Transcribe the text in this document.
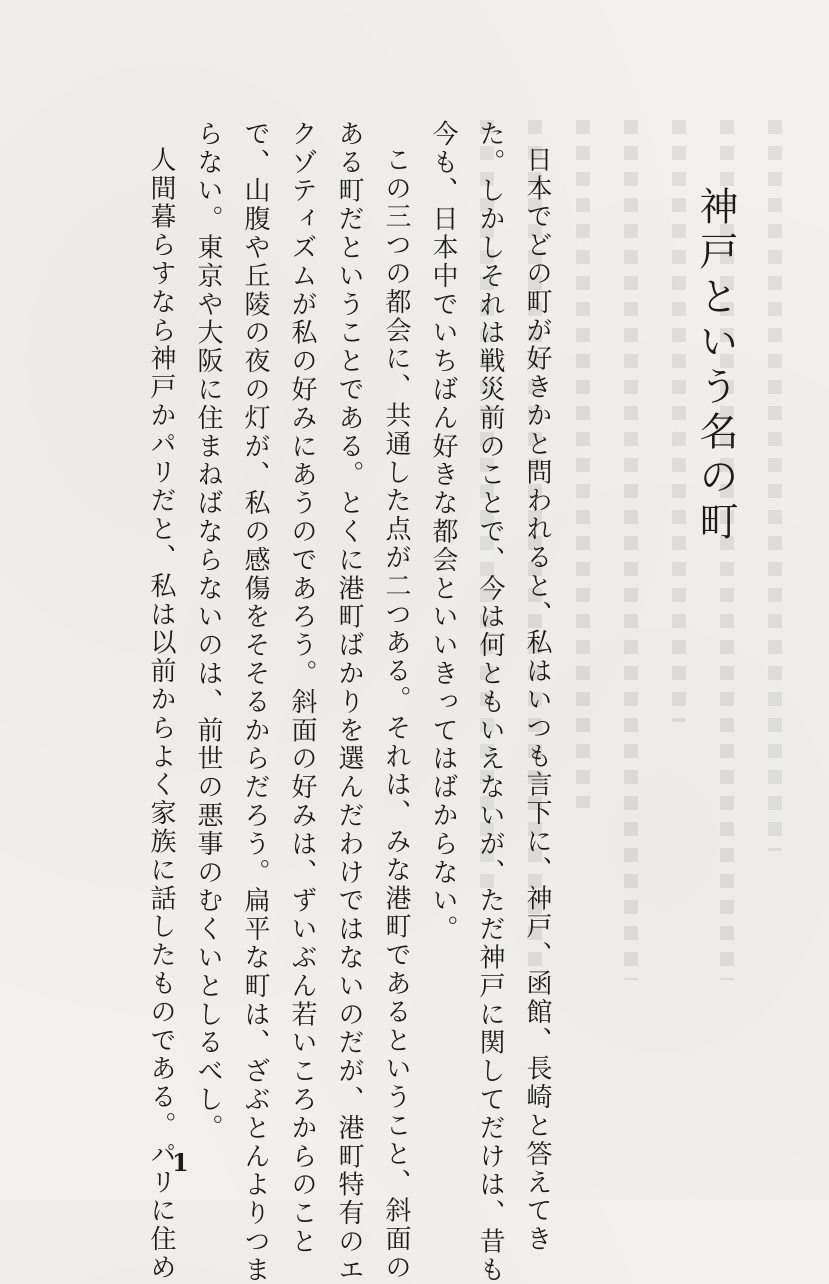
神戸という名の町

日本でどの町が好きかと問われると、私はいつも言下に、神戸、函館、長崎と答えてき
た。しかしそれは戦災前のことで、今は何ともいえないが、ただ神戸に関してだけは、昔も
今も、日本中でいちばん好きな都会といいきってはばからない。

この三つの都会に、共通した点が二つある。それは、みな港町であるということ、斜面の
ある町だということである。とくに港町ばかりを選んだわけではないのだが、港町特有のエ
クゾティズムが私の好みにあうのであろう。斜面の好みは、ずいぶん若いころからのこと
で、山腹や丘陵の夜の灯が、私の感傷をそそるからだろう。扁平な町は、ざぶとんよりつま
らない。東京や大阪に住まねばならないのは、前世の悪事のむくいとしるべし。

人間暮らすなら神戸かパリだと、私は以前からよく家族に話したものである。パリに住め

1
